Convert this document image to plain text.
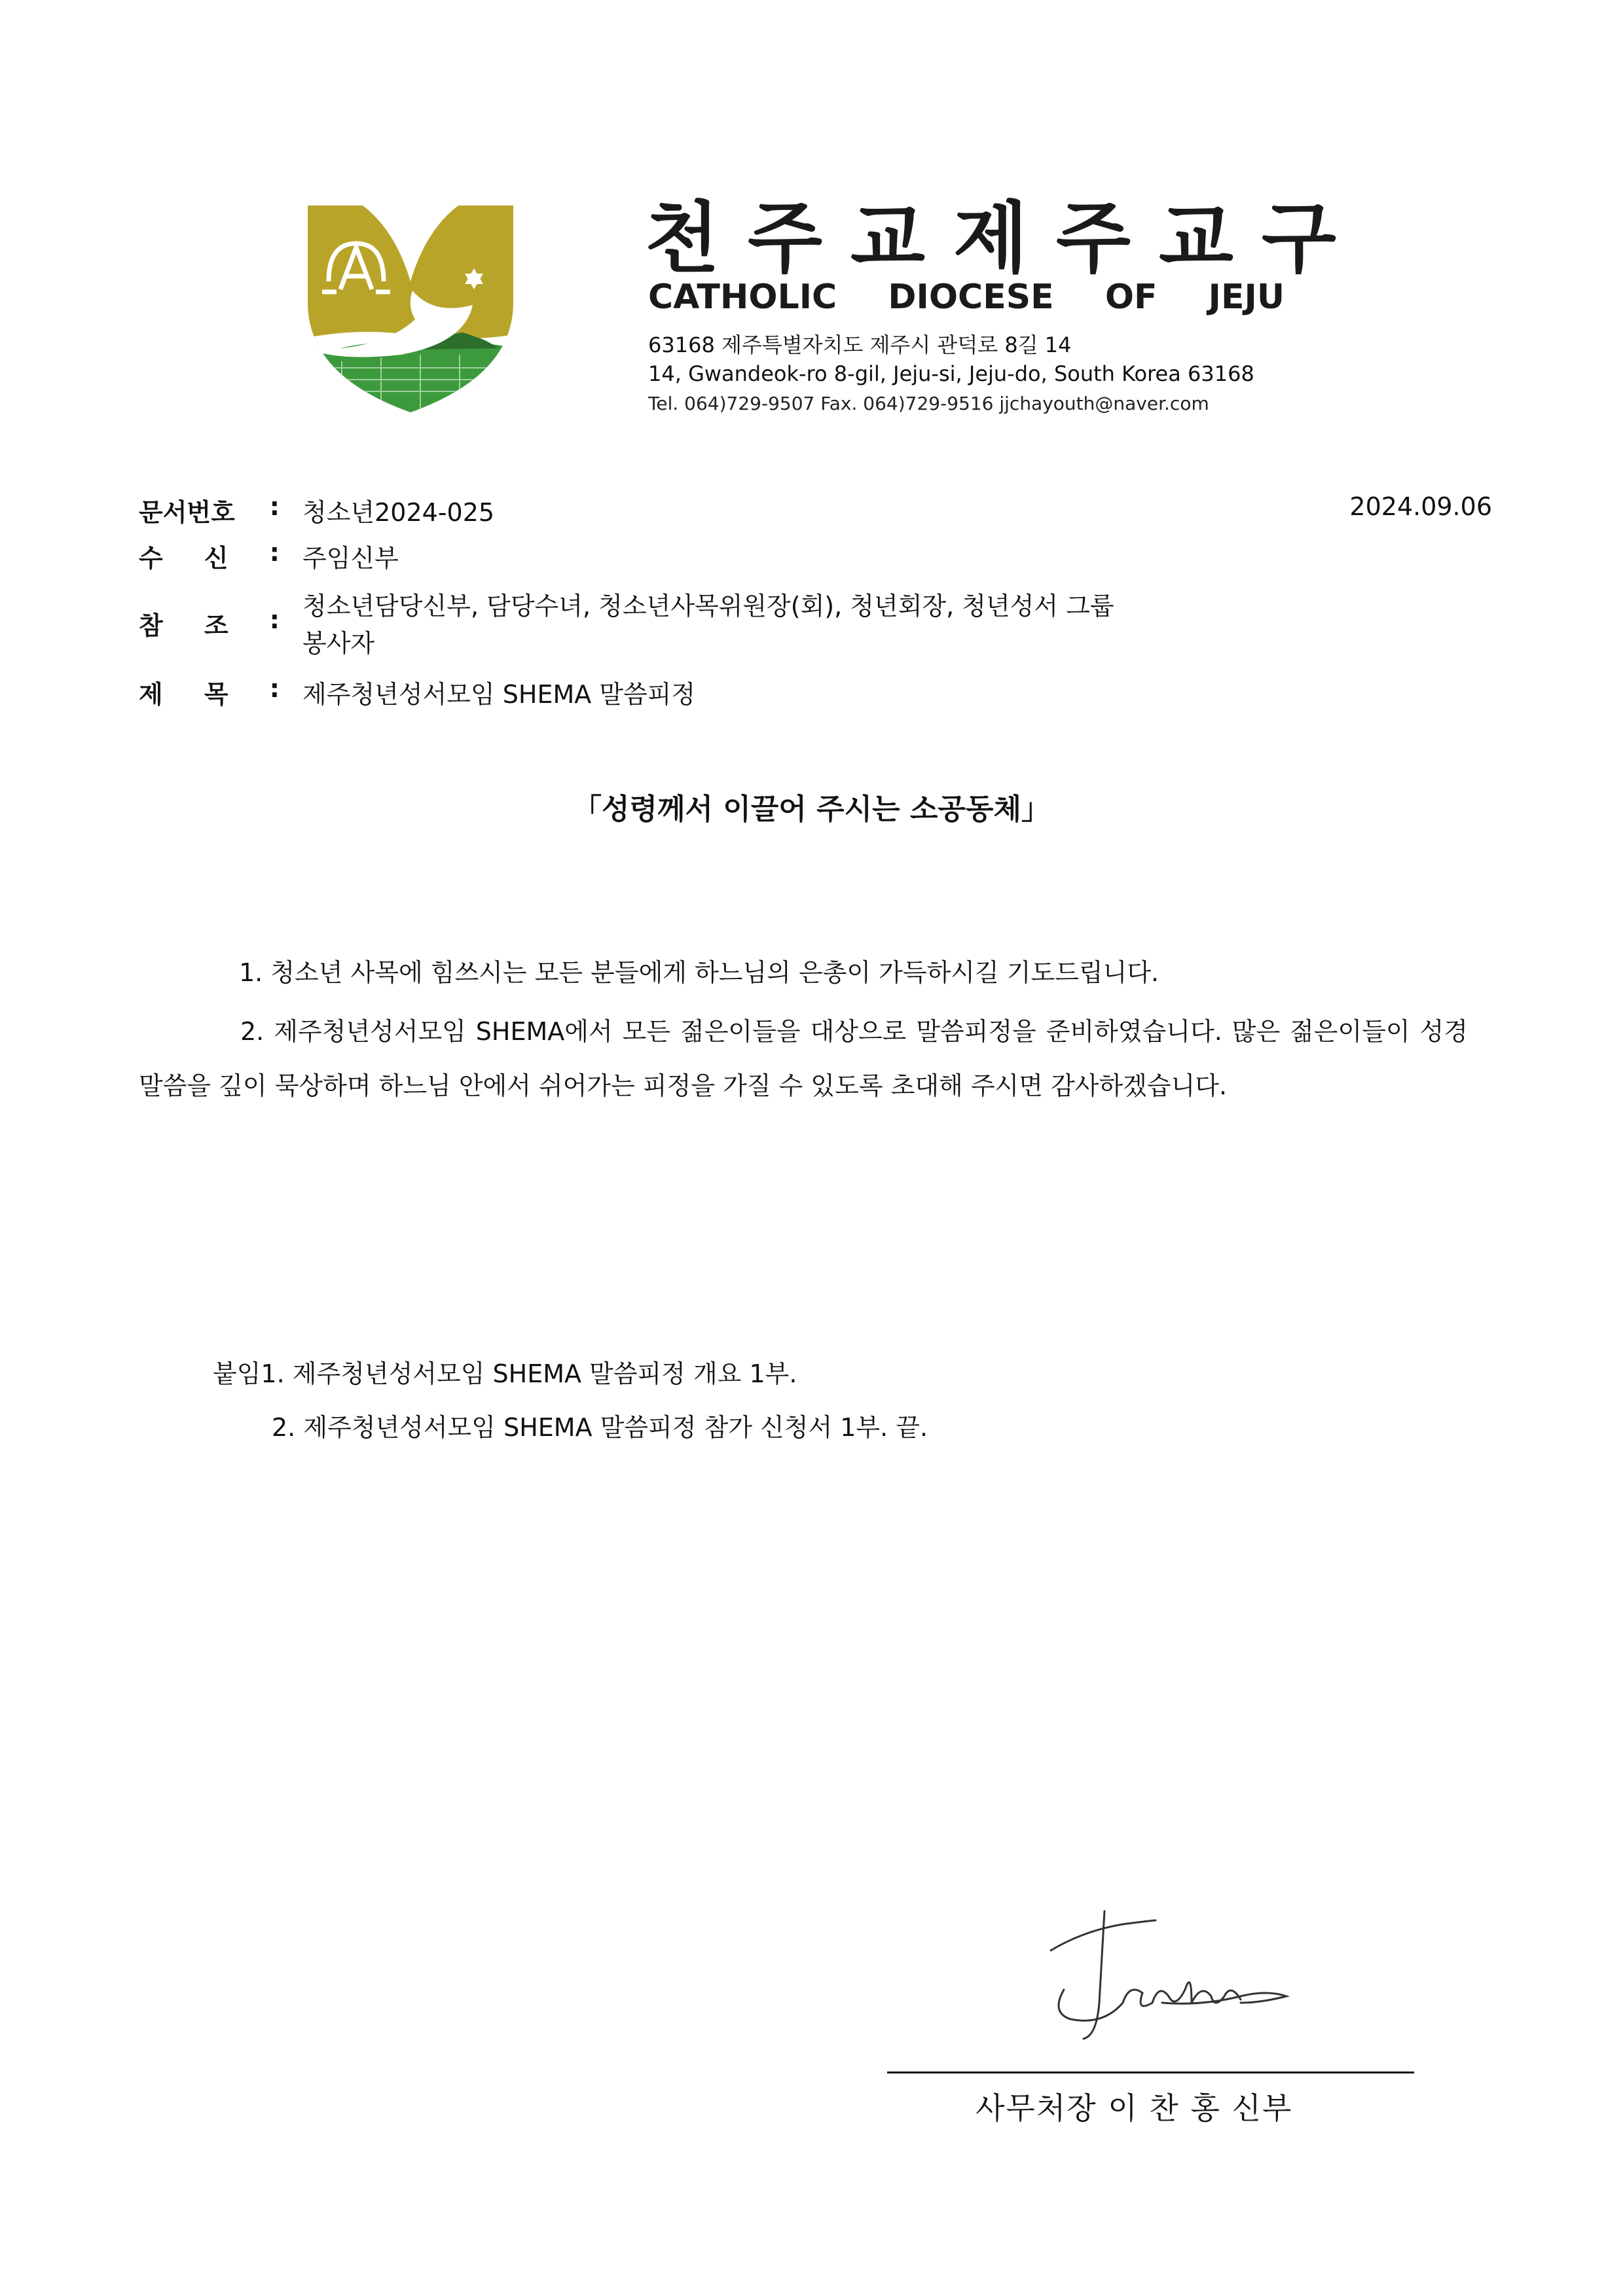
천주교제주교구
CATHOLIC DIOCESE OF JEJU
63168 제주특별자치도 제주시 관덕로 8길 14
14, Gwandeok-ro 8-gil, Jeju-si, Jeju-do, South Korea 63168
Tel. 064)729-9507 Fax. 064)729-9516 jjchayouth@naver.com
문서번호 : 청소년2024-025	2024.09.06
수 신 : 주임신부
참 조 : 청소년담당신부, 담당수녀, 청소년사목위원장(회), 청년회장, 청년성서 그룹
봉사자
제 목 : 제주청년성서모임 SHEMA 말씀피정
「성령께서 이끌어 주시는 소공동체」
1. 청소년 사목에 힘쓰시는 모든 분들에게 하느님의 은총이 가득하시길 기도드립니다.
2. 제주청년성서모임 SHEMA에서 모든 젊은이들을 대상으로 말씀피정을 준비하였습니다. 많은 젊은이들이 성경 말씀을 깊이 묵상하며 하느님 안에서 쉬어가는 피정을 가질 수 있도록 초대해 주시면 감사하겠습니다.
붙임1. 제주청년성서모임 SHEMA 말씀피정 개요 1부.
2. 제주청년성서모임 SHEMA 말씀피정 참가 신청서 1부. 끝.
사무처장 이 찬 홍 신부
